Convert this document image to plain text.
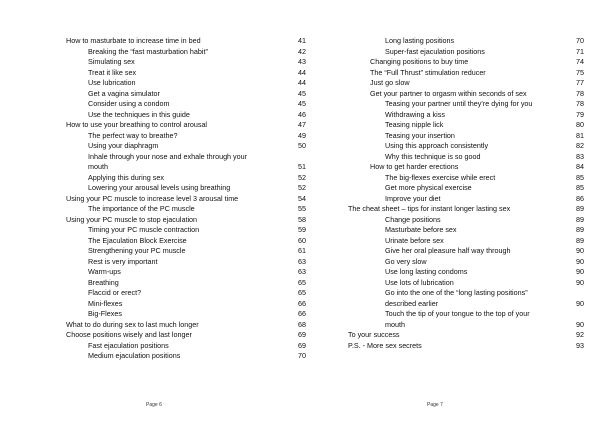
How to masturbate to increase time in bed	41
Breaking the “fast masturbation habit”	42
Simulating sex	43
Treat it like sex	44
Use lubrication	44
Get a vagina simulator	45
Consider using a condom	45
Use the techniques in this guide	46
How to use your breathing to control arousal	47
The perfect way to breathe?	49
Using your diaphragm	50
Inhale through your nose and exhale through your
mouth	51
Applying this during sex	52
Lowering your arousal levels using breathing	52
Using your PC muscle to increase level 3 arousal time	54
The importance of the PC muscle	55
Using your PC muscle to stop ejaculation	58
Timing your PC muscle contraction	59
The Ejaculation Block Exercise	60
Strengthening your PC muscle	61
Rest is very important	63
Warm-ups	63
Breathing	65
Flaccid or erect?	65
Mini-flexes	66
Big-Flexes	66
What to do during sex to last much longer	68
Choose positions wisely and last longer	69
Fast ejaculation positions	69
Medium ejaculation positions	70
Long lasting positions	70
Super-fast ejaculation positions	71
Changing positions to buy time	74
The “Full Thrust” stimulation reducer	75
Just go slow	77
Get your partner to orgasm within seconds of sex	78
Teasing your partner until they’re dying for you	78
Withdrawing a kiss	79
Teasing nipple lick	80
Teasing your insertion	81
Using this approach consistently	82
Why this technique is so good	83
How to get harder erections	84
The big-flexes exercise while erect	85
Get more physical exercise	85
Improve your diet	86
The cheat sheet – tips for instant longer lasting sex	89
Change positions	89
Masturbate before sex	89
Urinate before sex	89
Give her oral pleasure half way through	90
Go very slow	90
Use long lasting condoms	90
Use lots of lubrication	90
Go into the one of the “long lasting positions”
described earlier	90
Touch the tip of your tongue to the top of your
mouth	90
To your success	92
P.S. - More sex secrets	93
Page 6	Page 7
